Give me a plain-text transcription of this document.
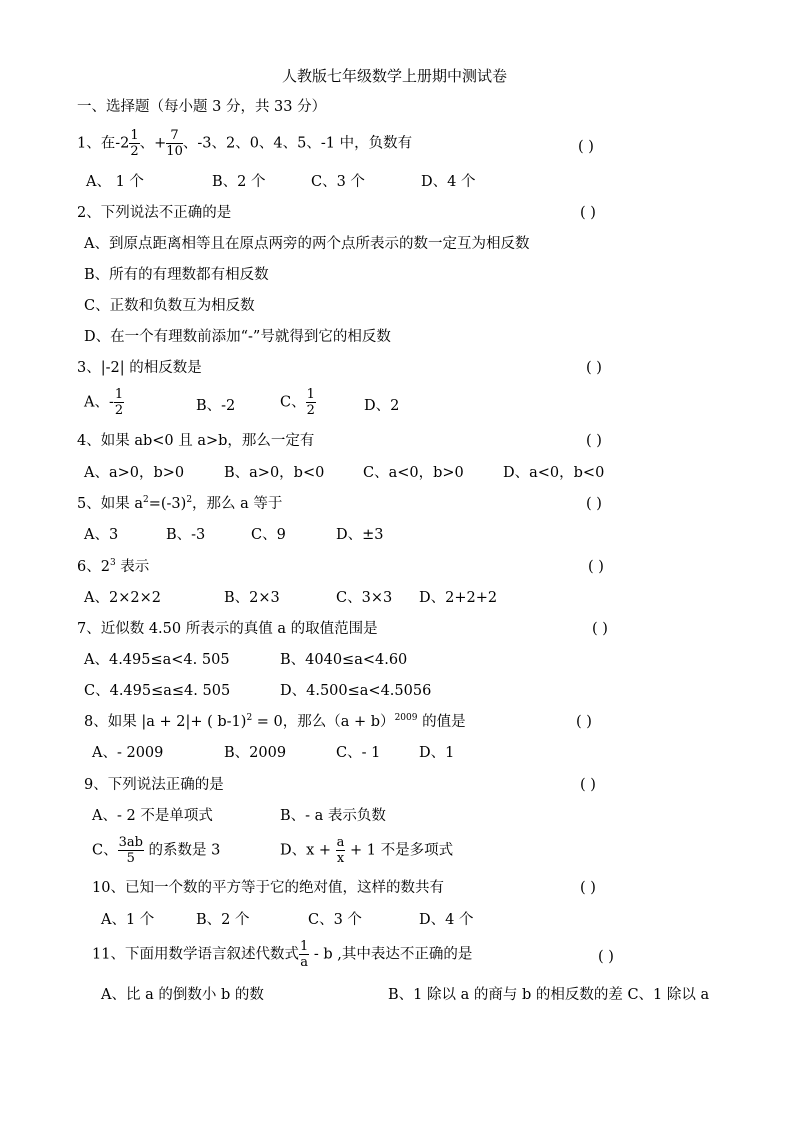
人教版七年级数学上册期中测试卷
一、选择题（每小题 3 分，共 33 分）
1、在$-2 \frac{1}{2}$ 、+ $\frac{7}{10}$ 、-3、2、0、4、5、-1 中，负数有	( )
A、 1 个	B、2 个	C、3 个	D、4 个
2、下列说法不正确的是	( )
A、到原点距离相等且在原点两旁的两个点所表示的数一定互为相反数
B、所有的有理数都有相反数
C、正数和负数互为相反数
D、在一个有理数前添加“-”号就得到它的相反数
3、|-2| 的相反数是	( )
A、- $\frac{1}{2}$	B、-2	C、 $\frac{1}{2}$	D、2
4、如果 ab<0 且 a>b，那么一定有	( )
A、a>0，b>0	B、a>0，b<0	C、a<0，b>0	D、a<0，b<0
5、如果 $a^2=(-3)^2$，那么 a 等于	( )
A、3	B、-3	C、9	D、±3
6、$2^3$ 表示	( )
A、2×2×2	B、2×3	C、3×3 D、2+2+2
7、近似数 4.50 所表示的真值 a 的取值范围是	( )
A、4.495≤a<4. 505	B、4040≤a<4.60
C、4.495≤a≤4. 505	D、4.500≤a<4.5056
8、如果 |a + 2|+ ( b-1)$^2$ = 0，那么$(a + b)^{2009}$ 的值是	( )
A、- 2009	B、2009	C、- 1	D、1
9、下列说法正确的是	( )
A、- 2 不是单项式	B、- a 表示负数
C、 $\frac{3ab}{5}$ 的系数是 3	D、$x + \frac{a}{x} + 1$ 不是多项式
10、已知一个数的平方等于它的绝对值，这样的数共有	( )
A、1 个	B、2 个	C、3 个	D、4 个
11、下面用数学语言叙述代数式 $\frac{1}{a}$ - b ,其中表达不正确的是	( )
A、比 a 的倒数小 b 的数	B、1 除以 a 的商与 b 的相反数的差 C、1 除以 a
